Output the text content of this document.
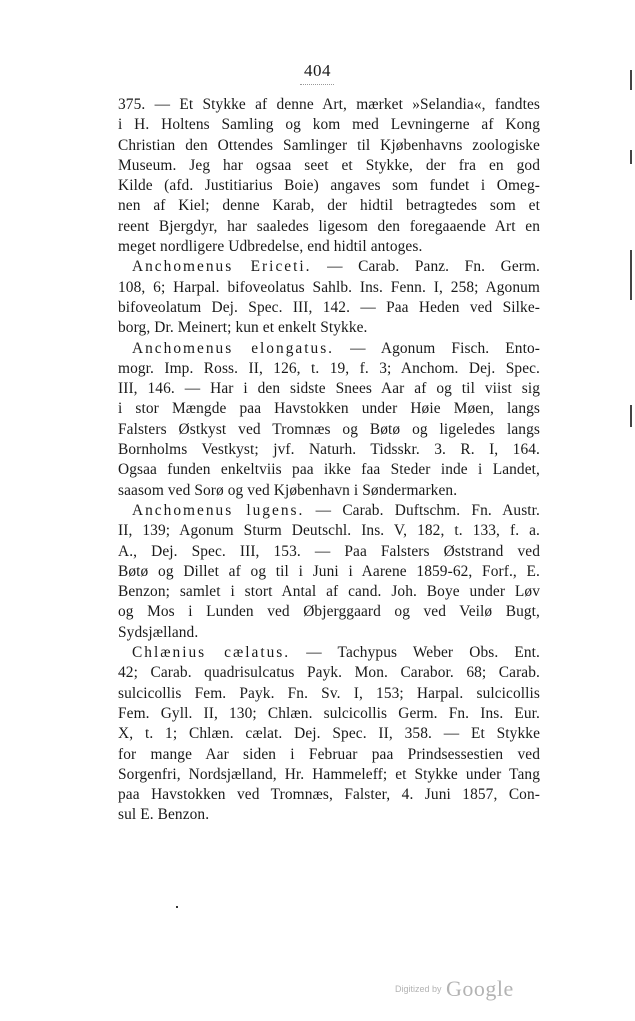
404
375. — Et Stykke af denne Art, mærket »Selandia«, fandtes
i H. Holtens Samling og kom med Levningerne af Kong
Christian den Ottendes Samlinger til Kjøbenhavns zoologiske
Museum. Jeg har ogsaa seet et Stykke, der fra en god
Kilde (afd. Justitiarius Boie) angaves som fundet i Omeg-
nen af Kiel; denne Karab, der hidtil betragtedes som et
reent Bjergdyr, har saaledes ligesom den foregaaende Art en
meget nordligere Udbredelse, end hidtil antoges.
Anchomenus Ericeti. — Carab. Panz. Fn. Germ.
108, 6; Harpal. bifoveolatus Sahlb. Ins. Fenn. I, 258; Agonum
bifoveolatum Dej. Spec. III, 142. — Paa Heden ved Silke-
borg, Dr. Meinert; kun et enkelt Stykke.
Anchomenus elongatus. — Agonum Fisch. Ento-
mogr. Imp. Ross. II, 126, t. 19, f. 3; Anchom. Dej. Spec.
III, 146. — Har i den sidste Snees Aar af og til viist sig
i stor Mængde paa Havstokken under Høie Møen, langs
Falsters Østkyst ved Tromnæs og Bøtø og ligeledes langs
Bornholms Vestkyst; jvf. Naturh. Tidsskr. 3. R. I, 164.
Ogsaa funden enkeltviis paa ikke faa Steder inde i Landet,
saasom ved Sorø og ved Kjøbenhavn i Søndermarken.
Anchomenus lugens. — Carab. Duftschm. Fn. Austr.
II, 139; Agonum Sturm Deutschl. Ins. V, 182, t. 133, f. a.
A., Dej. Spec. III, 153. — Paa Falsters Øststrand ved
Bøtø og Dillet af og til i Juni i Aarene 1859-62, Forf., E.
Benzon; samlet i stort Antal af cand. Joh. Boye under Løv
og Mos i Lunden ved Øbjerggaard og ved Veilø Bugt,
Sydsjælland.
Chlænius cælatus. — Tachypus Weber Obs. Ent.
42; Carab. quadrisulcatus Payk. Mon. Carabor. 68; Carab.
sulcicollis Fem. Payk. Fn. Sv. I, 153; Harpal. sulcicollis
Fem. Gyll. II, 130; Chlæn. sulcicollis Germ. Fn. Ins. Eur.
X, t. 1; Chlæn. cælat. Dej. Spec. II, 358. — Et Stykke
for mange Aar siden i Februar paa Prindsessestien ved
Sorgenfri, Nordsjælland, Hr. Hammeleff; et Stykke under Tang
paa Havstokken ved Tromnæs, Falster, 4. Juni 1857, Con-
sul E. Benzon.
Digitized by Google
